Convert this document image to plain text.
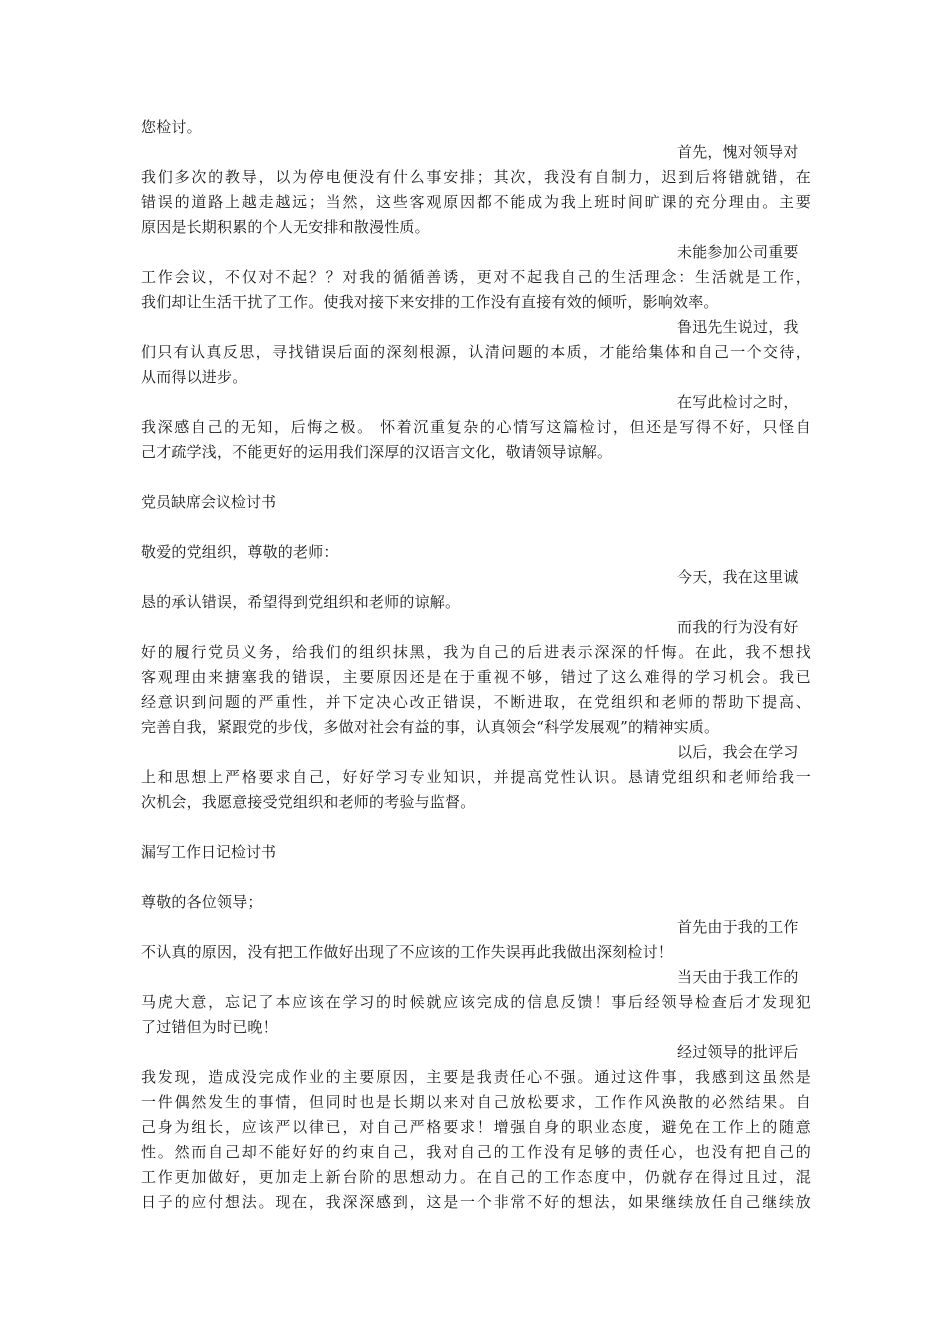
您检讨。
首先，愧对领导对
我们多次的教导，以为停电便没有什么事安排；其次，我没有自制力，迟到后将错就错，在
错误的道路上越走越远；当然，这些客观原因都不能成为我上班时间旷课的充分理由。主要
原因是长期积累的个人无安排和散漫性质。
未能参加公司重要
工作会议，不仅对不起？？对我的循循善诱，更对不起我自己的生活理念：生活就是工作，
我们却让生活干扰了工作。使我对接下来安排的工作没有直接有效的倾听，影响效率。
鲁迅先生说过，我
们只有认真反思，寻找错误后面的深刻根源，认清问题的本质，才能给集体和自己一个交待，
从而得以进步。
在写此检讨之时，
我深感自己的无知，后悔之极。 怀着沉重复杂的心情写这篇检讨，但还是写得不好，只怪自
己才疏学浅，不能更好的运用我们深厚的汉语言文化，敬请领导谅解。
党员缺席会议检讨书
敬爱的党组织，尊敬的老师：
今天，我在这里诚
恳的承认错误，希望得到党组织和老师的谅解。
而我的行为没有好
好的履行党员义务，给我们的组织抹黑，我为自己的后进表示深深的忏悔。在此，我不想找
客观理由来搪塞我的错误，主要原因还是在于重视不够，错过了这么难得的学习机会。我已
经意识到问题的严重性，并下定决心改正错误，不断进取，在党组织和老师的帮助下提高、
完善自我，紧跟党的步伐，多做对社会有益的事，认真领会“科学发展观”的精神实质。
以后，我会在学习
上和思想上严格要求自己，好好学习专业知识，并提高党性认识。恳请党组织和老师给我一
次机会，我愿意接受党组织和老师的考验与监督。
漏写工作日记检讨书
尊敬的各位领导；
首先由于我的工作
不认真的原因，没有把工作做好出现了不应该的工作失误再此我做出深刻检讨！
当天由于我工作的
马虎大意，忘记了本应该在学习的时候就应该完成的信息反馈！事后经领导检查后才发现犯
了过错但为时已晚！
经过领导的批评后
我发现，造成没完成作业的主要原因，主要是我责任心不强。通过这件事，我感到这虽然是
一件偶然发生的事情，但同时也是长期以来对自己放松要求，工作作风涣散的必然结果。自
己身为组长，应该严以律已，对自己严格要求！增强自身的职业态度，避免在工作上的随意
性。然而自己却不能好好的约束自己，我对自己的工作没有足够的责任心，也没有把自己的
工作更加做好，更加走上新台阶的思想动力。在自己的工作态度中，仍就存在得过且过，混
日子的应付想法。现在，我深深感到，这是一个非常不好的想法，如果继续放任自己继续放
